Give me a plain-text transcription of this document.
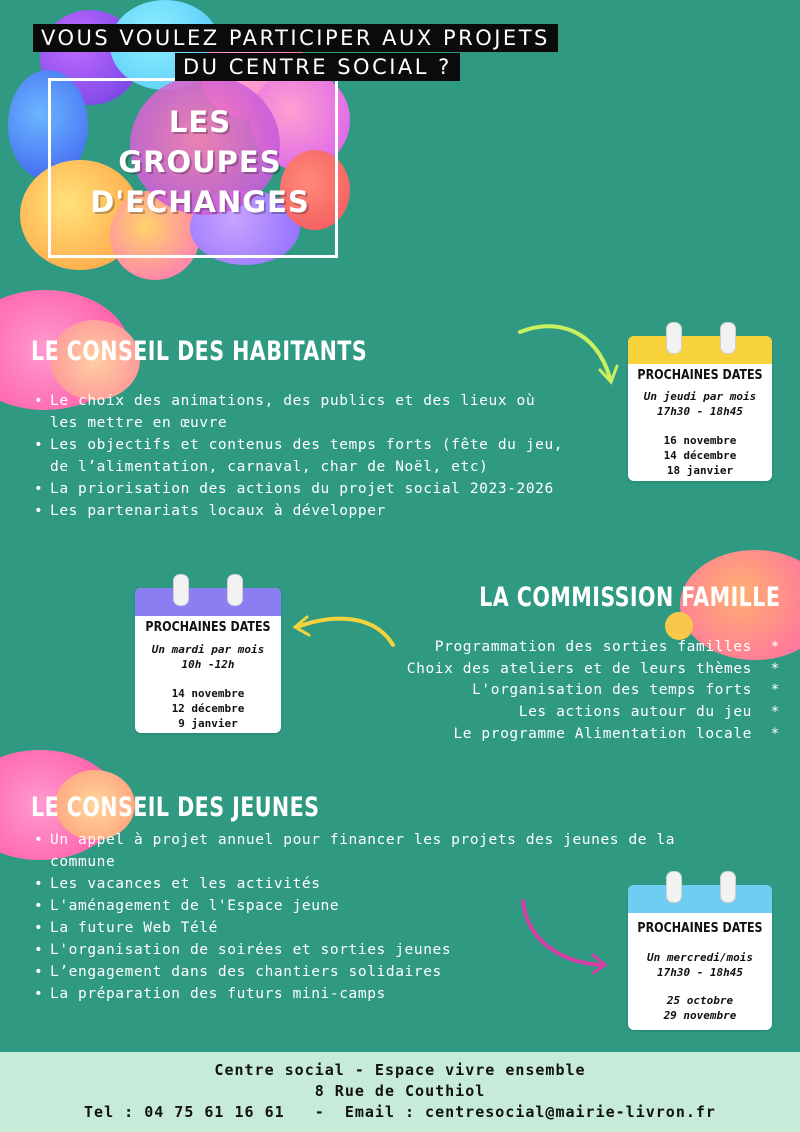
VOUS VOULEZ PARTICIPER AUX PROJETS
DU CENTRE SOCIAL ?
LES
GROUPES
D'ECHANGES
LE CONSEIL DES HABITANTS
• Le choix des animations, des publics et des lieux où
les mettre en œuvre
• Les objectifs et contenus des temps forts (fête du jeu,
de l’alimentation, carnaval, char de Noël, etc)
• La priorisation des actions du projet social 2023-2026
• Les partenariats locaux à développer
PROCHAINES DATES
Un jeudi par mois
17h30 - 18h45
16 novembre
14 décembre
18 janvier
LA COMMISSION FAMILLE
Programmation des sorties familles *
Choix des ateliers et de leurs thèmes *
L'organisation des temps forts *
Les actions autour du jeu *
Le programme Alimentation locale *
PROCHAINES DATES
Un mardi par mois
10h -12h
14 novembre
12 décembre
9 janvier
LE CONSEIL DES JEUNES
• Un appel à projet annuel pour financer les projets des jeunes de la
commune
• Les vacances et les activités
• L'aménagement de l'Espace jeune
• La future Web Télé
• L'organisation de soirées et sorties jeunes
• L’engagement dans des chantiers solidaires
• La préparation des futurs mini-camps
PROCHAINES DATES
Un mercredi/mois
17h30 - 18h45
25 octobre
29 novembre
Centre social - Espace vivre ensemble
8 Rue de Couthiol
Tel : 04 75 61 16 61   -  Email : centresocial@mairie-livron.fr
